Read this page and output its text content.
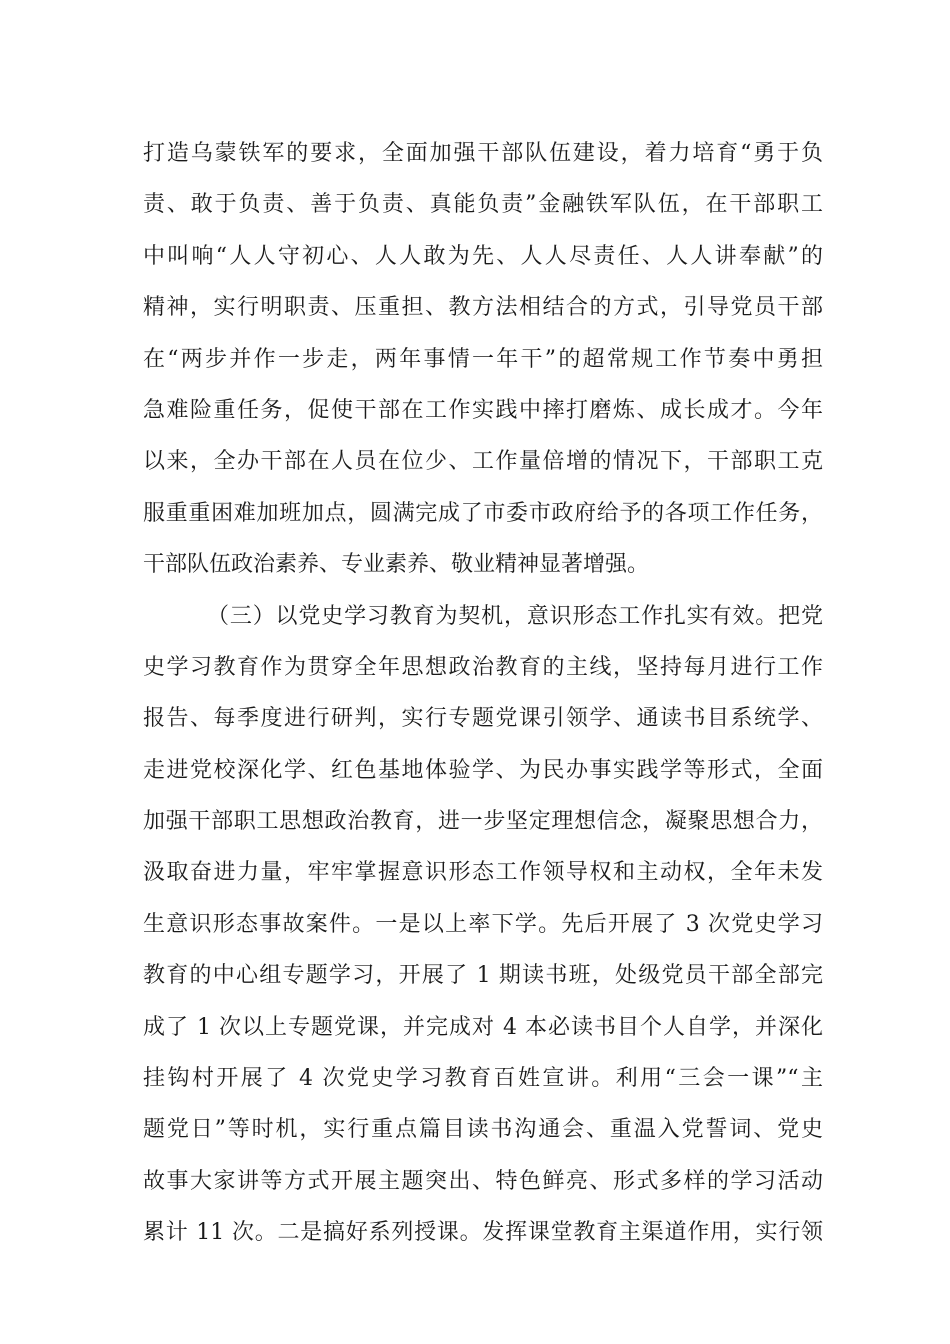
打造乌蒙铁军的要求，全面加强干部队伍建设，着力培育“勇于负
责、敢于负责、善于负责、真能负责”金融铁军队伍，在干部职工
中叫响“人人守初心、人人敢为先、人人尽责任、人人讲奉献”的
精神，实行明职责、压重担、教方法相结合的方式，引导党员干部
在“两步并作一步走，两年事情一年干”的超常规工作节奏中勇担
急难险重任务，促使干部在工作实践中摔打磨炼、成长成才。今年
以来，全办干部在人员在位少、工作量倍增的情况下，干部职工克
服重重困难加班加点，圆满完成了市委市政府给予的各项工作任务，
干部队伍政治素养、专业素养、敬业精神显著增强。
（三）以党史学习教育为契机，意识形态工作扎实有效。把党
史学习教育作为贯穿全年思想政治教育的主线，坚持每月进行工作
报告、每季度进行研判，实行专题党课引领学、通读书目系统学、
走进党校深化学、红色基地体验学、为民办事实践学等形式，全面
加强干部职工思想政治教育，进一步坚定理想信念，凝聚思想合力，
汲取奋进力量，牢牢掌握意识形态工作领导权和主动权，全年未发
生意识形态事故案件。一是以上率下学。先后开展了 3 次党史学习
教育的中心组专题学习，开展了 1 期读书班，处级党员干部全部完
成了 1 次以上专题党课，并完成对 4 本必读书目个人自学，并深化
挂钩村开展了 4 次党史学习教育百姓宣讲。利用“三会一课”“主
题党日”等时机，实行重点篇目读书沟通会、重温入党誓词、党史
故事大家讲等方式开展主题突出、特色鲜亮、形式多样的学习活动
累计 11 次。二是搞好系列授课。发挥课堂教育主渠道作用，实行领
